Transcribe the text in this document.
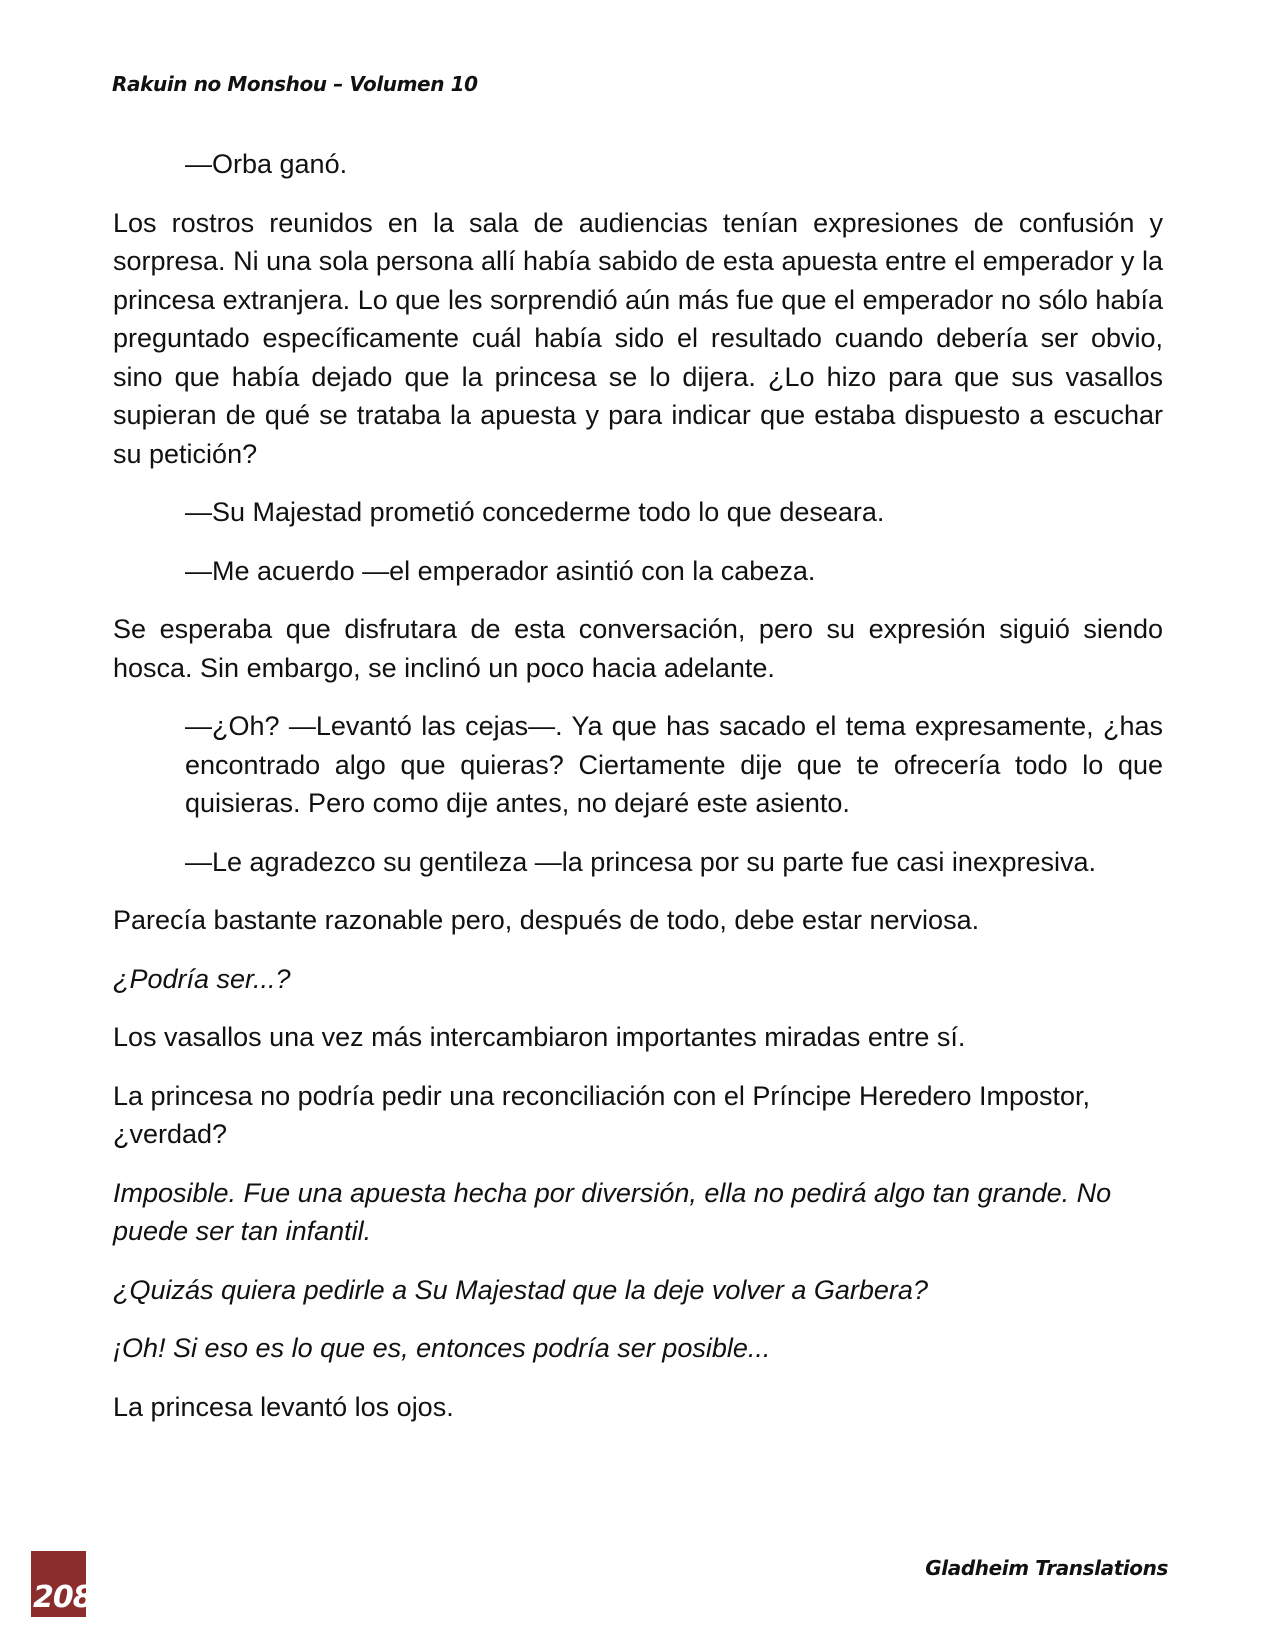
Rakuin no Monshou – Volumen 10

—Orba ganó.

Los rostros reunidos en la sala de audiencias tenían expresiones de confusión y sorpresa. Ni una sola persona allí había sabido de esta apuesta entre el emperador y la princesa extranjera. Lo que les sorprendió aún más fue que el emperador no sólo había preguntado específicamente cuál había sido el resultado cuando debería ser obvio, sino que había dejado que la princesa se lo dijera. ¿Lo hizo para que sus vasallos supieran de qué se trataba la apuesta y para indicar que estaba dispuesto a escuchar su petición?

—Su Majestad prometió concederme todo lo que deseara.

—Me acuerdo —el emperador asintió con la cabeza.

Se esperaba que disfrutara de esta conversación, pero su expresión siguió siendo hosca. Sin embargo, se inclinó un poco hacia adelante.

—¿Oh? —Levantó las cejas—. Ya que has sacado el tema expresamente, ¿has encontrado algo que quieras? Ciertamente dije que te ofrecería todo lo que quisieras. Pero como dije antes, no dejaré este asiento.

—Le agradezco su gentileza —la princesa por su parte fue casi inexpresiva.

Parecía bastante razonable pero, después de todo, debe estar nerviosa.

¿Podría ser...?

Los vasallos una vez más intercambiaron importantes miradas entre sí.

La princesa no podría pedir una reconciliación con el Príncipe Heredero Impostor, ¿verdad?

Imposible. Fue una apuesta hecha por diversión, ella no pedirá algo tan grande. No puede ser tan infantil.

¿Quizás quiera pedirle a Su Majestad que la deje volver a Garbera?

¡Oh! Si eso es lo que es, entonces podría ser posible...

La princesa levantó los ojos.

208
Gladheim Translations
